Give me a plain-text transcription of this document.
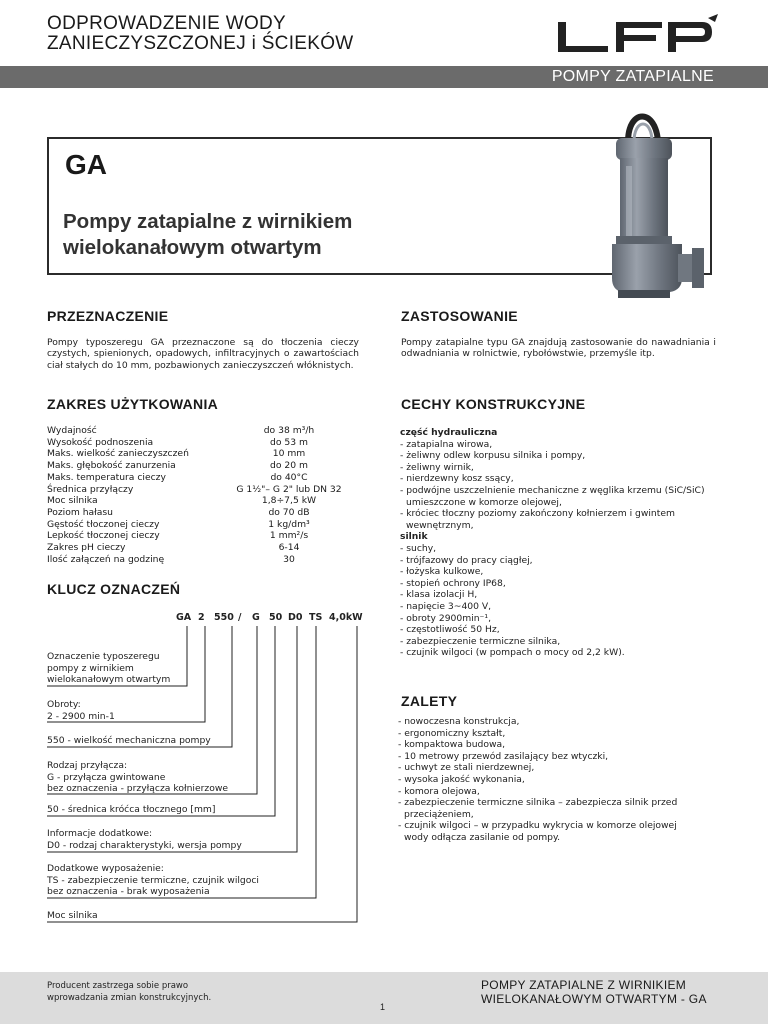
ODPROWADZENIE WODY
ZANIECZYSZCZONEJ i ŚCIEKÓW
LFP
POMPY ZATAPIALNE
GA
Pompy zatapialne z wirnikiem
wielokanałowym otwartym
PRZEZNACZENIE
Pompy typoszeregu GA przeznaczone są do tłoczenia cieczy czystych, spienionych, opadowych, infiltracyjnych o zawartościach ciał stałych do 10 mm, pozbawionych zanieczyszczeń włóknistych.
ZASTOSOWANIE
Pompy zatapialne typu GA znajdują zastosowanie do nawadniania i odwadniania w rolnictwie, rybołówstwie, przemyśle itp.
ZAKRES UŻYTKOWANIA
Wydajność	do 38 m³/h
Wysokość podnoszenia	do 53 m
Maks. wielkość zanieczyszczeń	10 mm
Maks. głębokość zanurzenia	do 20 m
Maks. temperatura cieczy	do 40°C
Średnica przyłączy	G 1½"– G 2" lub DN 32
Moc silnika	1,8÷7,5 kW
Poziom hałasu	do 70 dB
Gęstość tłoczonej cieczy	1 kg/dm³
Lepkość tłoczonej cieczy	1 mm²/s
Zakres pH cieczy	6-14
Ilość załączeń na godzinę	30
CECHY KONSTRUKCYJNE
część hydrauliczna
- zatapialna wirowa,
- żeliwny odlew korpusu silnika i pompy,
- żeliwny wirnik,
- nierdzewny kosz ssący,
- podwójne uszczelnienie mechaniczne z węglika krzemu (SiC/SiC)
umieszczone w komorze olejowej,
- króciec tłoczny poziomy zakończony kołnierzem i gwintem
wewnętrznym,
silnik
- suchy,
- trójfazowy do pracy ciągłej,
- łożyska kulkowe,
- stopień ochrony IP68,
- klasa izolacji H,
- napięcie 3~400 V,
- obroty 2900min⁻¹,
- częstotliwość 50 Hz,
- zabezpieczenie termiczne silnika,
- czujnik wilgoci (w pompach o mocy od 2,2 kW).
ZALETY
- nowoczesna konstrukcja,
- ergonomiczny kształt,
- kompaktowa budowa,
- 10 metrowy przewód zasilający bez wtyczki,
- uchwyt ze stali nierdzewnej,
- wysoka jakość wykonania,
- komora olejowa,
- zabezpieczenie termiczne silnika – zabezpiecza silnik przed
przeciążeniem,
- czujnik wilgoci – w przypadku wykrycia w komorze olejowej
wody odłącza zasilanie od pompy.
KLUCZ OZNACZEŃ
GA 2 550 / G 50 D0 TS 4,0kW
Oznaczenie typoszeregu
pompy z wirnikiem
wielokanałowym otwartym
Obroty:
2 - 2900 min-1
550 - wielkość mechaniczna pompy
Rodzaj przyłącza:
G - przyłącza gwintowane
bez oznaczenia - przyłącza kołnierzowe
50 - średnica króćca tłocznego [mm]
Informacje dodatkowe:
D0 - rodzaj charakterystyki, wersja pompy
Dodatkowe wyposażenie:
TS - zabezpieczenie termiczne, czujnik wilgoci
bez oznaczenia - brak wyposażenia
Moc silnika
Producent zastrzega sobie prawo
wprowadzania zmian konstrukcyjnych.
1
POMPY ZATAPIALNE Z WIRNIKIEM
WIELOKANAŁOWYM OTWARTYM - GA
